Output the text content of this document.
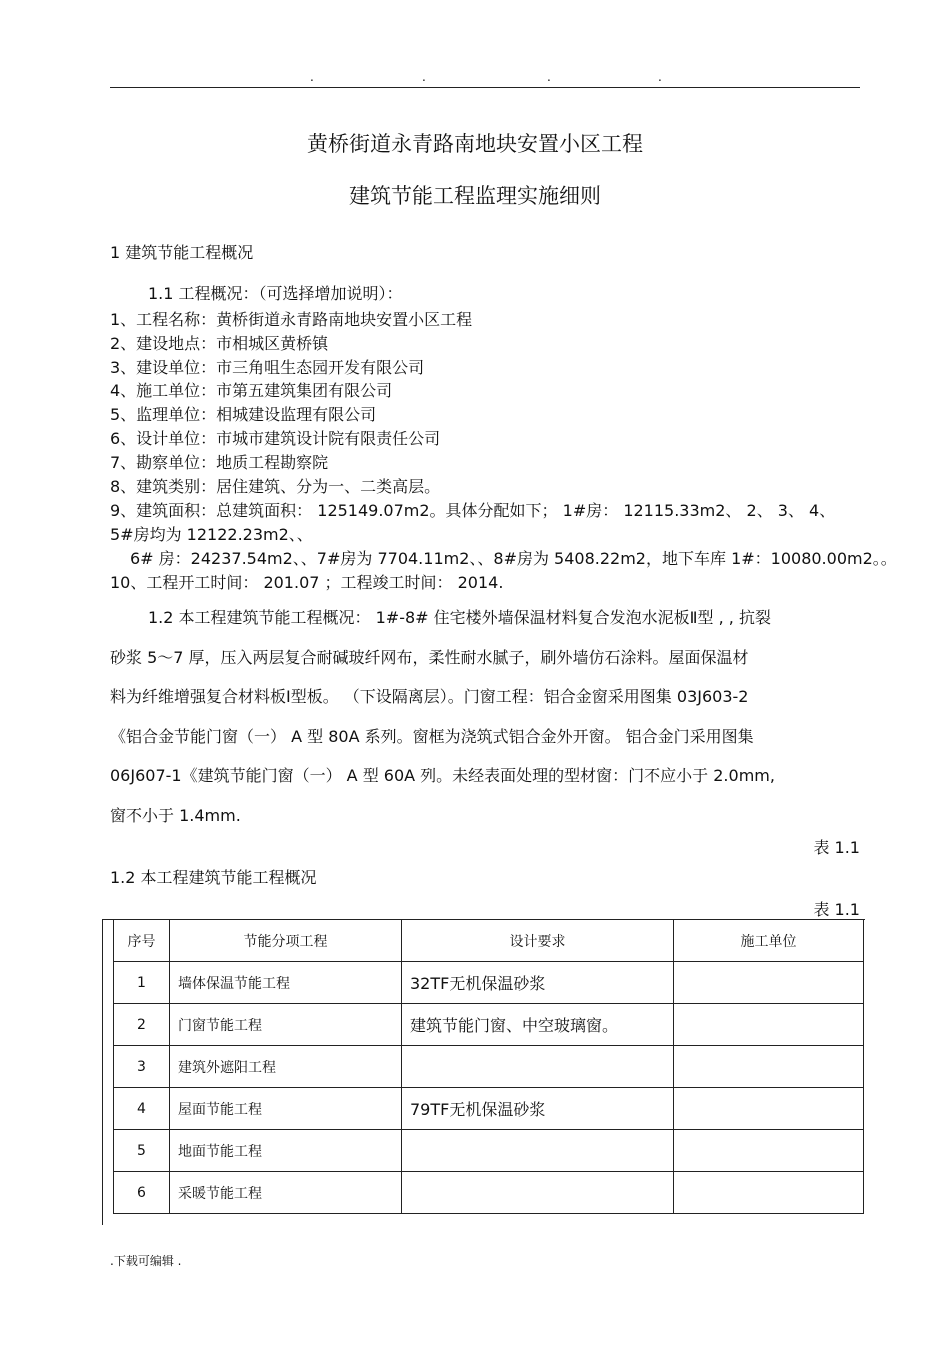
.	.	.	.
黄桥街道永青路南地块安置小区工程
建筑节能工程监理实施细则
1 建筑节能工程概况
1.1 工程概况：（可选择增加说明）：
1、工程名称：黄桥街道永青路南地块安置小区工程
2、建设地点：市相城区黄桥镇
3、建设单位：市三角咀生态园开发有限公司
4、施工单位：市第五建筑集团有限公司
5、监理单位：相城建设监理有限公司
6、设计单位：市城市建筑设计院有限责任公司
7、勘察单位：地质工程勘察院
8、建筑类别：居住建筑、分为一、二类高层。
9、建筑面积：总建筑面积： 125149.07m2。具体分配如下； 1#房： 12115.33m2、 2、 3、 4、
5#房均为 12122.23m2、、
6# 房：24237.54m2、、7#房为 7704.11m2、、8#房为 5408.22m2，地下车库 1#：10080.00m2。。
10、工程开工时间： 201.07 ；工程竣工时间： 2014.
1.2 本工程建筑节能工程概况： 1#-8# 住宅楼外墙保温材料复合发泡水泥板Ⅱ型 , , 抗裂
砂浆 5～7 厚，压入两层复合耐碱玻纤网布，柔性耐水腻子，刷外墙仿石涂料。屋面保温材
料为纤维增强复合材料板Ⅰ型板。 （下设隔离层）。门窗工程：铝合金窗采用图集 03J603-2
《铝合金节能门窗（一） A 型 80A 系列。窗框为浇筑式铝合金外开窗。 铝合金门采用图集
06J607-1《建筑节能门窗（一） A 型 60A 列。未经表面处理的型材窗：门不应小于 2.0mm,
窗不小于 1.4mm.
表 1.1
1.2 本工程建筑节能工程概况
表 1.1
序号	节能分项工程	设计要求	施工单位
1	墙体保温节能工程	32TF无机保温砂浆	
2	门窗节能工程	建筑节能门窗、中空玻璃窗。	
3	建筑外遮阳工程		
4	屋面节能工程	79TF无机保温砂浆	
5	地面节能工程		
6	采暖节能工程		
.下载可编辑 .
